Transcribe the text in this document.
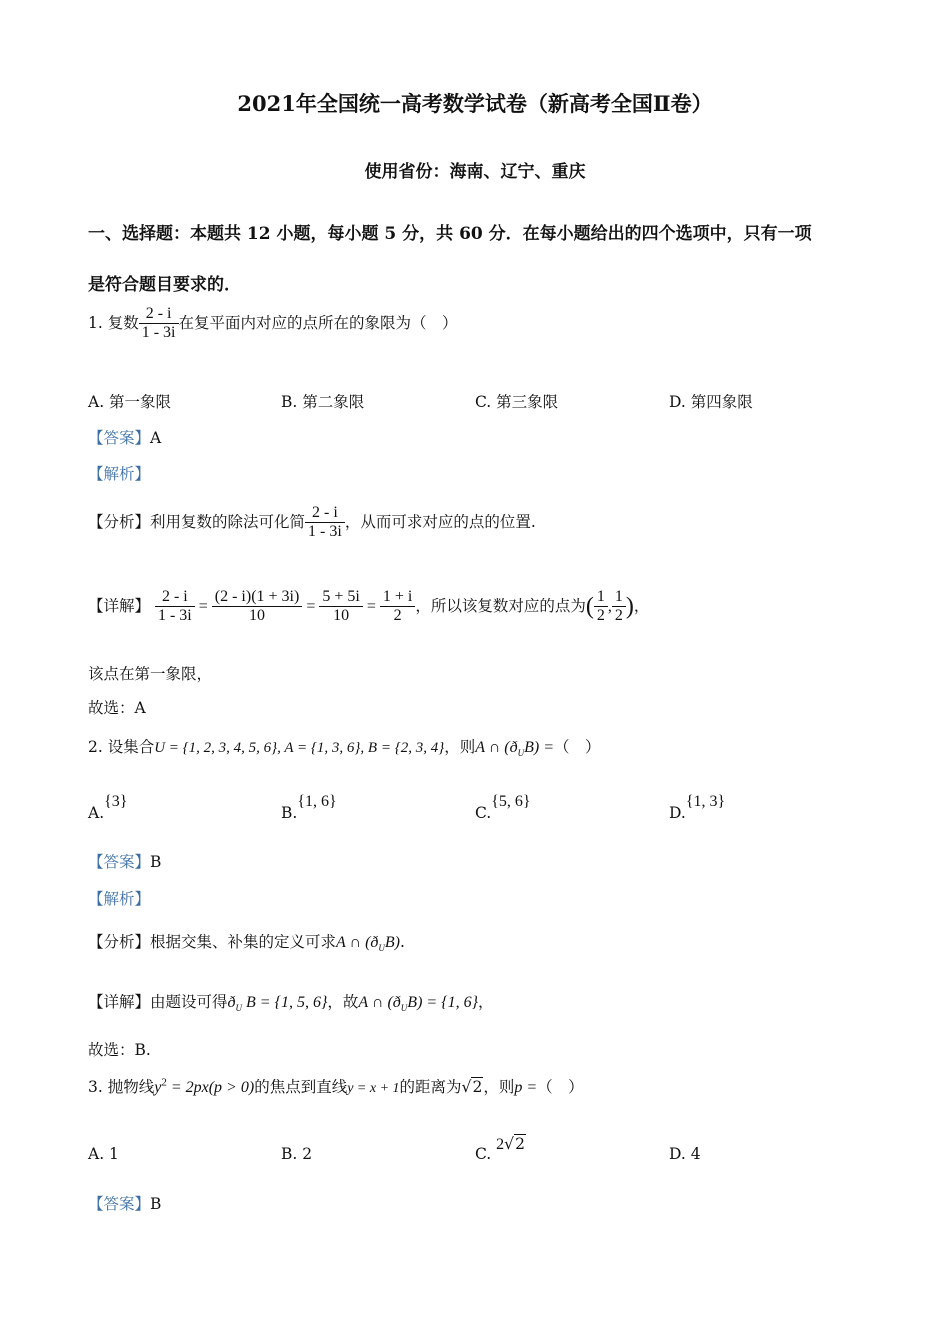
2021年全国统一高考数学试卷（新高考全国Ⅱ卷）
使用省份：海南、辽宁、重庆
一、选择题：本题共 12 小题，每小题 5 分，共 60 分．在每小题给出的四个选项中，只有一项
是符合题目要求的．
1. 复数 $\frac{2 - i}{1 - 3i}$ 在复平面内对应的点所在的象限为（　）
A. 第一象限	B. 第二象限	C. 第三象限	D. 第四象限
【答案】A
【解析】
【分析】利用复数的除法可化简 $\frac{2 - i}{1 - 3i}$ ，从而可求对应的点的位置.
【详解】 $\frac{2 - i}{1 - 3i} = \frac{(2 - i)(1 + 3i)}{10} = \frac{5 + 5i}{10} = \frac{1 + i}{2}$ ，所以该复数对应的点为( $\frac{1}{2}$ , $\frac{1}{2}$ )，
该点在第一象限，
故选：A
2. 设集合U = {1, 2, 3, 4, 5, 6}, A = {1, 3, 6}, B = {2, 3, 4}，则A ∩ $(ð_UB)$ =（　）
A.{3}
B.{1, 6}
C.{5, 6}
D.{1, 3}
【答案】B
【解析】
【分析】根据交集、补集的定义可求A ∩ $(ð_UB)$.
【详解】由题设可得$ð_U$ B = {1, 5, 6}，故A ∩ $(ð_UB) = \{1$, 6}，
故选：B.
3. 抛物线$y^2 = 2px(p > 0)$的焦点到直线y = x + 1的距离为√2，则p =（　）
A. 1	B. 2	C. 2√2
D. 4
【答案】B
